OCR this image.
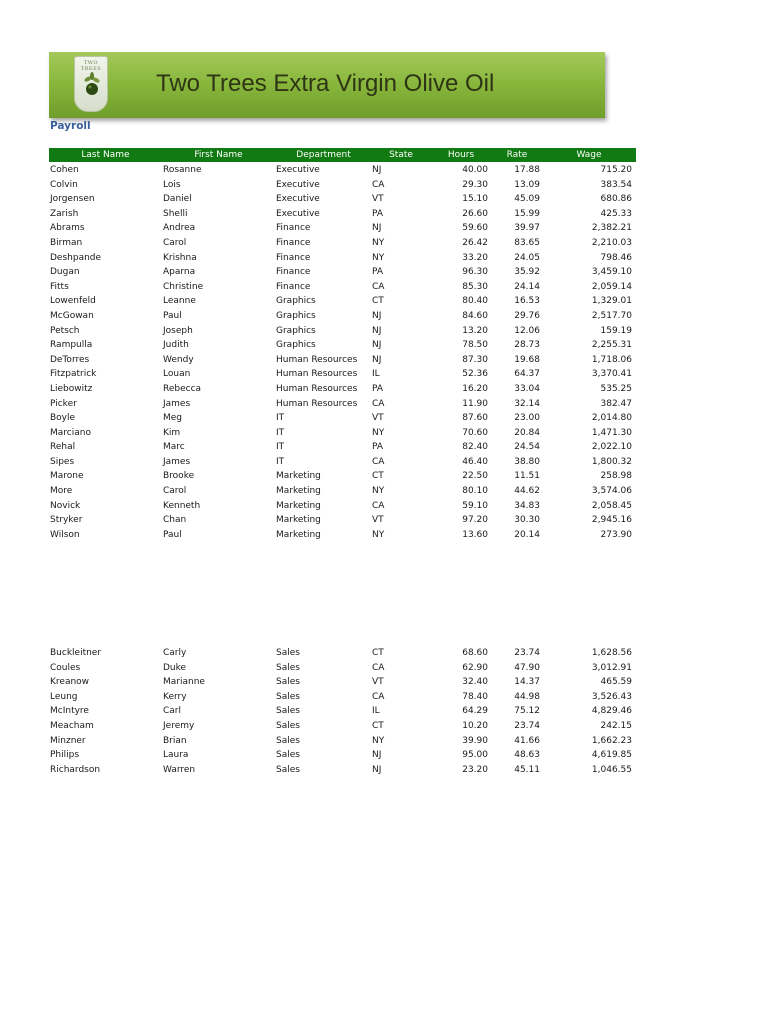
TWO TREES
Two Trees Extra Virgin Olive Oil
Payroll
Last Name	First Name	Department	State	Hours	Rate	Wage
Cohen	Rosanne	Executive	NJ	40.00	17.88	715.20
Colvin	Lois	Executive	CA	29.30	13.09	383.54
Jorgensen	Daniel	Executive	VT	15.10	45.09	680.86
Zarish	Shelli	Executive	PA	26.60	15.99	425.33
Abrams	Andrea	Finance	NJ	59.60	39.97	2,382.21
Birman	Carol	Finance	NY	26.42	83.65	2,210.03
Deshpande	Krishna	Finance	NY	33.20	24.05	798.46
Dugan	Aparna	Finance	PA	96.30	35.92	3,459.10
Fitts	Christine	Finance	CA	85.30	24.14	2,059.14
Lowenfeld	Leanne	Graphics	CT	80.40	16.53	1,329.01
McGowan	Paul	Graphics	NJ	84.60	29.76	2,517.70
Petsch	Joseph	Graphics	NJ	13.20	12.06	159.19
Rampulla	Judith	Graphics	NJ	78.50	28.73	2,255.31
DeTorres	Wendy	Human Resources NJ	87.30	19.68	1,718.06
Fitzpatrick	Louan	Human Resources IL	52.36	64.37	3,370.41
Liebowitz	Rebecca	Human Resources PA	16.20	33.04	535.25
Picker	James	Human Resources CA	11.90	32.14	382.47
Boyle	Meg	IT	VT	87.60	23.00	2,014.80
Marciano	Kim	IT	NY	70.60	20.84	1,471.30
Rehal	Marc	IT	PA	82.40	24.54	2,022.10
Sipes	James	IT	CA	46.40	38.80	1,800.32
Marone	Brooke	Marketing	CT	22.50	11.51	258.98
More	Carol	Marketing	NY	80.10	44.62	3,574.06
Novick	Kenneth	Marketing	CA	59.10	34.83	2,058.45
Stryker	Chan	Marketing	VT	97.20	30.30	2,945.16
Wilson	Paul	Marketing	NY	13.60	20.14	273.90
Buckleitner	Carly	Sales	CT	68.60	23.74	1,628.56
Coules	Duke	Sales	CA	62.90	47.90	3,012.91
Kreanow	Marianne	Sales	VT	32.40	14.37	465.59
Leung	Kerry	Sales	CA	78.40	44.98	3,526.43
McIntyre	Carl	Sales	IL	64.29	75.12	4,829.46
Meacham	Jeremy	Sales	CT	10.20	23.74	242.15
Minzner	Brian	Sales	NY	39.90	41.66	1,662.23
Philips	Laura	Sales	NJ	95.00	48.63	4,619.85
Richardson	Warren	Sales	NJ	23.20	45.11	1,046.55
